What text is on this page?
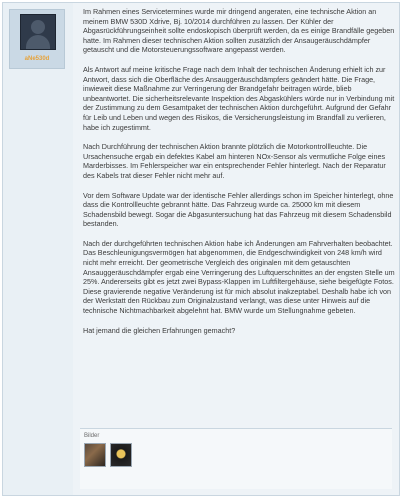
aNe530d

Im Rahmen eines Servicetermines wurde mir dringend angeraten, eine technische Aktion an meinem BMW 530D Xdrive, Bj. 10/2014 durchführen zu lassen. Der Kühler der Abgasrückführungseinheit sollte endoskopisch überprüft werden, da es einige Brandfälle gegeben hatte. Im Rahmen dieser technischen Aktion sollten zusätzlich der Ansaugeräuschdämpfer getauscht und die Motorsteuerungssoftware angepasst werden.

Als Antwort auf meine kritische Frage nach dem Inhalt der technischen Änderung erhielt ich zur Antwort, dass sich die Oberfläche des Ansauggeräuschdämpfers geändert hätte. Die Frage, inwieweit diese Maßnahme zur Verringerung der Brandgefahr beitragen würde, blieb unbeantwortet. Die sicherheitsrelevante Inspektion des Abgaskühlers würde nur in Verbindung mit der Zustimmung zu dem Gesamtpaket der technischen Aktion durchgeführt. Aufgrund der Gefahr für Leib und Leben und wegen des Risikos, die Versicherungsleistung im Brandfall zu verlieren, habe ich zugestimmt.

Nach Durchführung der technischen Aktion brannte plötzlich die Motorkontrollleuchte. Die Ursachensuche ergab ein defektes Kabel am hinteren NOx-Sensor als vermutliche Folge eines Marderbisses. Im Fehlerspeicher war ein entsprechender Fehler hinterlegt. Nach der Reparatur des Kabels trat dieser Fehler nicht mehr auf.

Vor dem Software Update war der identische Fehler allerdings schon im Speicher hinterlegt, ohne dass die Kontrollleuchte gebrannt hätte. Das Fahrzeug wurde ca. 25000 km mit diesem Schadensbild bewegt. Sogar die Abgasuntersuchung hat das Fahrzeug mit diesem Schadensbild bestanden.

Nach der durchgeführten technischen Aktion habe ich Änderungen am Fahrverhalten beobachtet. Das Beschleunigungsvermögen hat abgenommen, die Endgeschwindigkeit von 248 km/h wird nicht mehr erreicht. Der geometrische Vergleich des originalen mit dem getauschten Ansauggeräuschdämpfer ergab eine Verringerung des Luftquerschnittes an der engsten Stelle um 25%. Andererseits gibt es jetzt zwei Bypass-Klappen im Luftfiltergehäuse, siehe beigefügte Fotos. Diese gravierende negative Veränderung ist für mich absolut inakzeptabel. Deshalb habe ich von der Werkstatt den Rückbau zum Originalzustand verlangt, was diese unter Hinweis auf die technische Nichtmachbarkeit abgelehnt hat. BMW wurde um Stellungnahme gebeten.

Hat jemand die gleichen Erfahrungen gemacht?

Bilder
